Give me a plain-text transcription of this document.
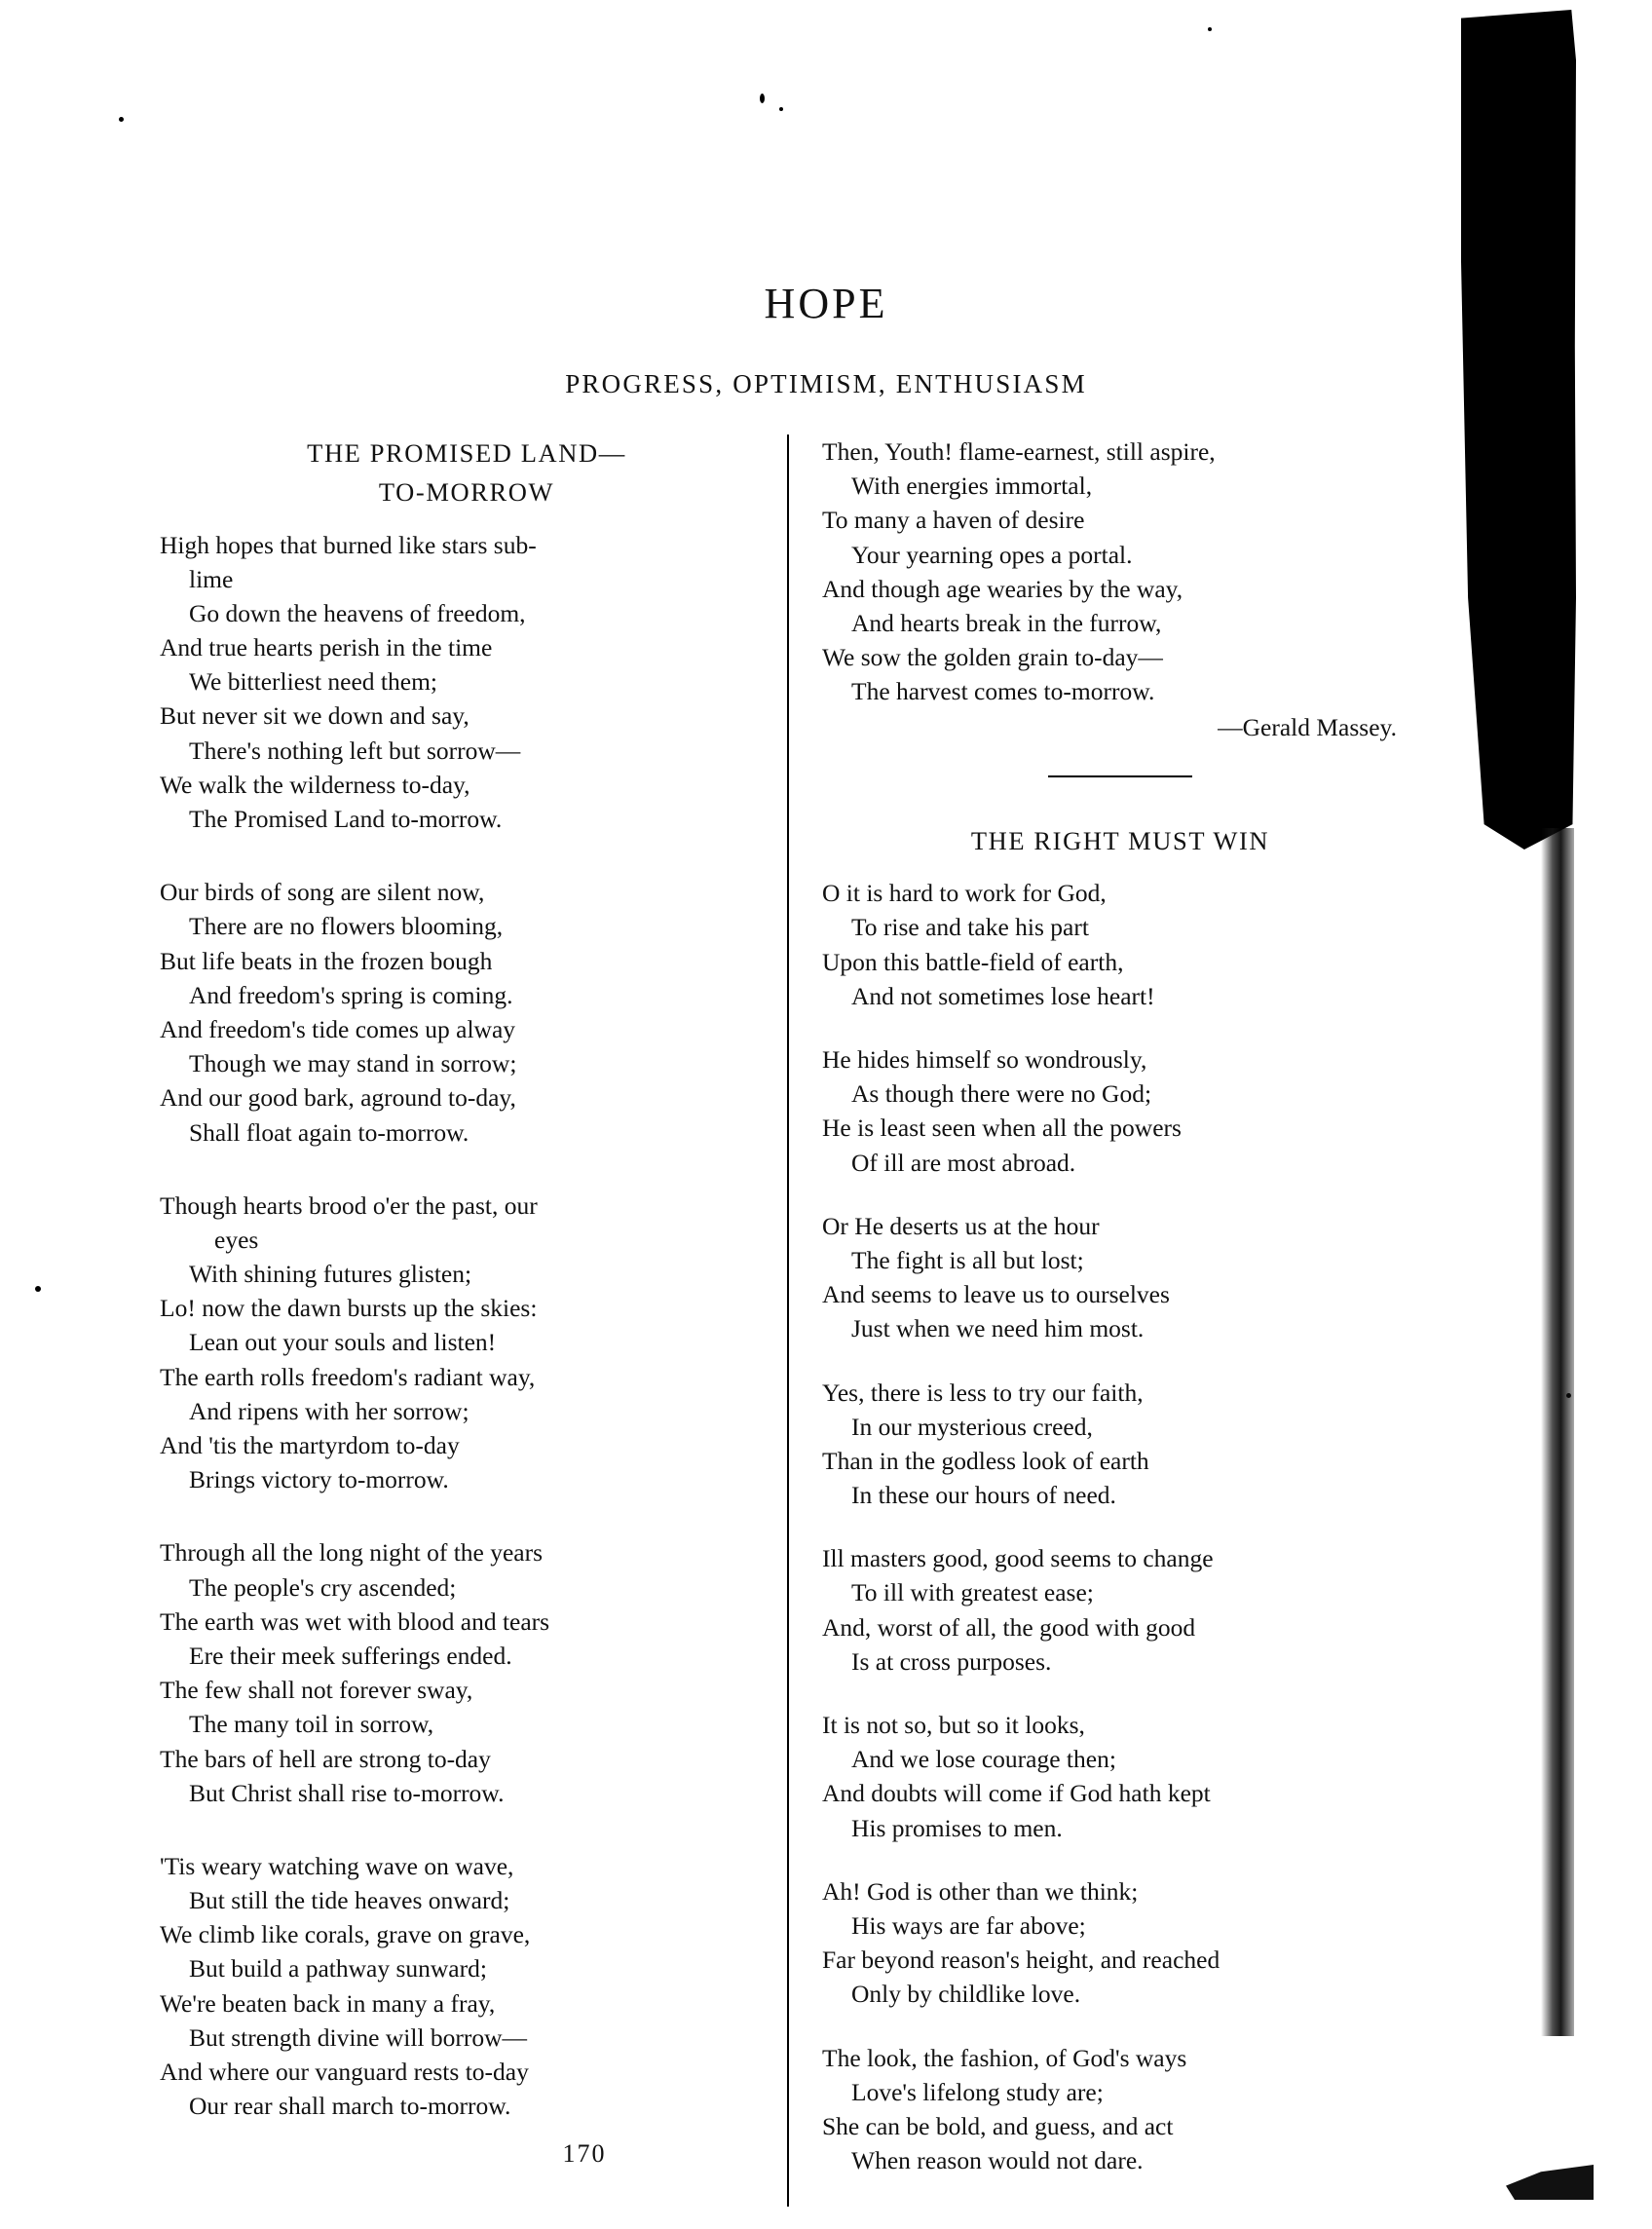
HOPE
PROGRESS, OPTIMISM, ENTHUSIASM
THE PROMISED LAND—
TO-MORROW
High hopes that burned like stars sub-
lime
Go down the heavens of freedom,
And true hearts perish in the time
We bitterliest need them;
But never sit we down and say,
There's nothing left but sorrow—
We walk the wilderness to-day,
The Promised Land to-morrow.
Our birds of song are silent now,
There are no flowers blooming,
But life beats in the frozen bough
And freedom's spring is coming.
And freedom's tide comes up alway
Though we may stand in sorrow;
And our good bark, aground to-day,
Shall float again to-morrow.
Though hearts brood o'er the past, our
eyes
With shining futures glisten;
Lo! now the dawn bursts up the skies:
Lean out your souls and listen!
The earth rolls freedom's radiant way,
And ripens with her sorrow;
And 'tis the martyrdom to-day
Brings victory to-morrow.
Through all the long night of the years
The people's cry ascended;
The earth was wet with blood and tears
Ere their meek sufferings ended.
The few shall not forever sway,
The many toil in sorrow,
The bars of hell are strong to-day
But Christ shall rise to-morrow.
'Tis weary watching wave on wave,
But still the tide heaves onward;
We climb like corals, grave on grave,
But build a pathway sunward;
We're beaten back in many a fray,
But strength divine will borrow—
And where our vanguard rests to-day
Our rear shall march to-morrow.
Then, Youth! flame-earnest, still aspire,
With energies immortal,
To many a haven of desire
Your yearning opes a portal.
And though age wearies by the way,
And hearts break in the furrow,
We sow the golden grain to-day—
The harvest comes to-morrow.
—Gerald Massey.
THE RIGHT MUST WIN
O it is hard to work for God,
To rise and take his part
Upon this battle-field of earth,
And not sometimes lose heart!
He hides himself so wondrously,
As though there were no God;
He is least seen when all the powers
Of ill are most abroad.
Or He deserts us at the hour
The fight is all but lost;
And seems to leave us to ourselves
Just when we need him most.
Yes, there is less to try our faith,
In our mysterious creed,
Than in the godless look of earth
In these our hours of need.
Ill masters good, good seems to change
To ill with greatest ease;
And, worst of all, the good with good
Is at cross purposes.
It is not so, but so it looks,
And we lose courage then;
And doubts will come if God hath kept
His promises to men.
Ah! God is other than we think;
His ways are far above;
Far beyond reason's height, and reached
Only by childlike love.
The look, the fashion, of God's ways
Love's lifelong study are;
She can be bold, and guess, and act
When reason would not dare.
170
